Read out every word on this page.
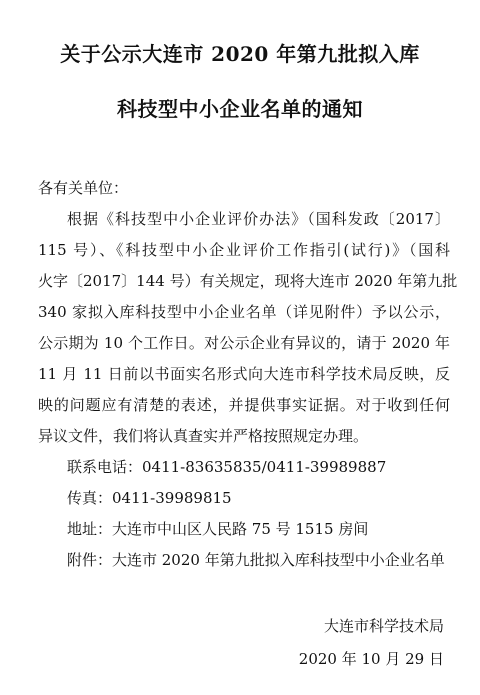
关于公示大连市 2020 年第九批拟入库
科技型中小企业名单的通知
各有关单位：
根据《科技型中小企业评价办法》（国科发政〔2017〕
115 号）、《科技型中小企业评价工作指引(试行)》（国科
火字〔2017〕144 号）有关规定，现将大连市 2020 年第九批
340 家拟入库科技型中小企业名单（详见附件）予以公示，
公示期为 10 个工作日。对公示企业有异议的，请于 2020 年
11 月 11 日前以书面实名形式向大连市科学技术局反映，反
映的问题应有清楚的表述，并提供事实证据。对于收到任何
异议文件，我们将认真查实并严格按照规定办理。
联系电话：0411-83635835/0411-39989887
传真：0411-39989815
地址：大连市中山区人民路 75 号 1515 房间
附件：大连市 2020 年第九批拟入库科技型中小企业名单
大连市科学技术局
2020 年 10 月 29 日
